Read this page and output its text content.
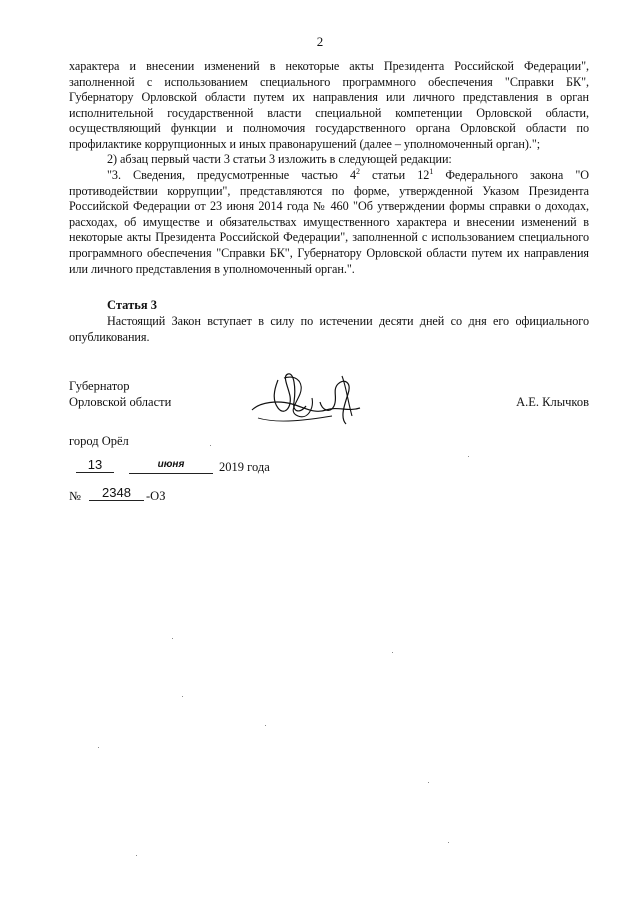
2

характера и внесении изменений в некоторые акты Президента Российской Федерации", заполненной с использованием специального программного обеспечения "Справки БК", Губернатору Орловской области путем их направления или личного представления в орган исполнительной государственной власти специальной компетенции Орловской области, осуществляющий функции и полномочия государственного органа Орловской области по профилактике коррупционных и иных правонарушений (далее – уполномоченный орган).";

2) абзац первый части 3 статьи 3 изложить в следующей редакции:

"3. Сведения, предусмотренные частью $4^2$ статьи $12^1$ Федерального закона "О противодействии коррупции", представляются по форме, утвержденной Указом Президента Российской Федерации от 23 июня 2014 года № 460 "Об утверждении формы справки о доходах, расходах, об имуществе и обязательствах имущественного характера и внесении изменений в некоторые акты Президента Российской Федерации", заполненной с использованием специального программного обеспечения "Справки БК", Губернатору Орловской области путем их направления или личного представления в уполномоченный орган.".

Статья 3

Настоящий Закон вступает в силу по истечении десяти дней со дня его официального опубликования.

Губернатор
Орловской области	А.Е. Клычков
город Орёл
13	июня	2019 года
№	2348	-ОЗ
